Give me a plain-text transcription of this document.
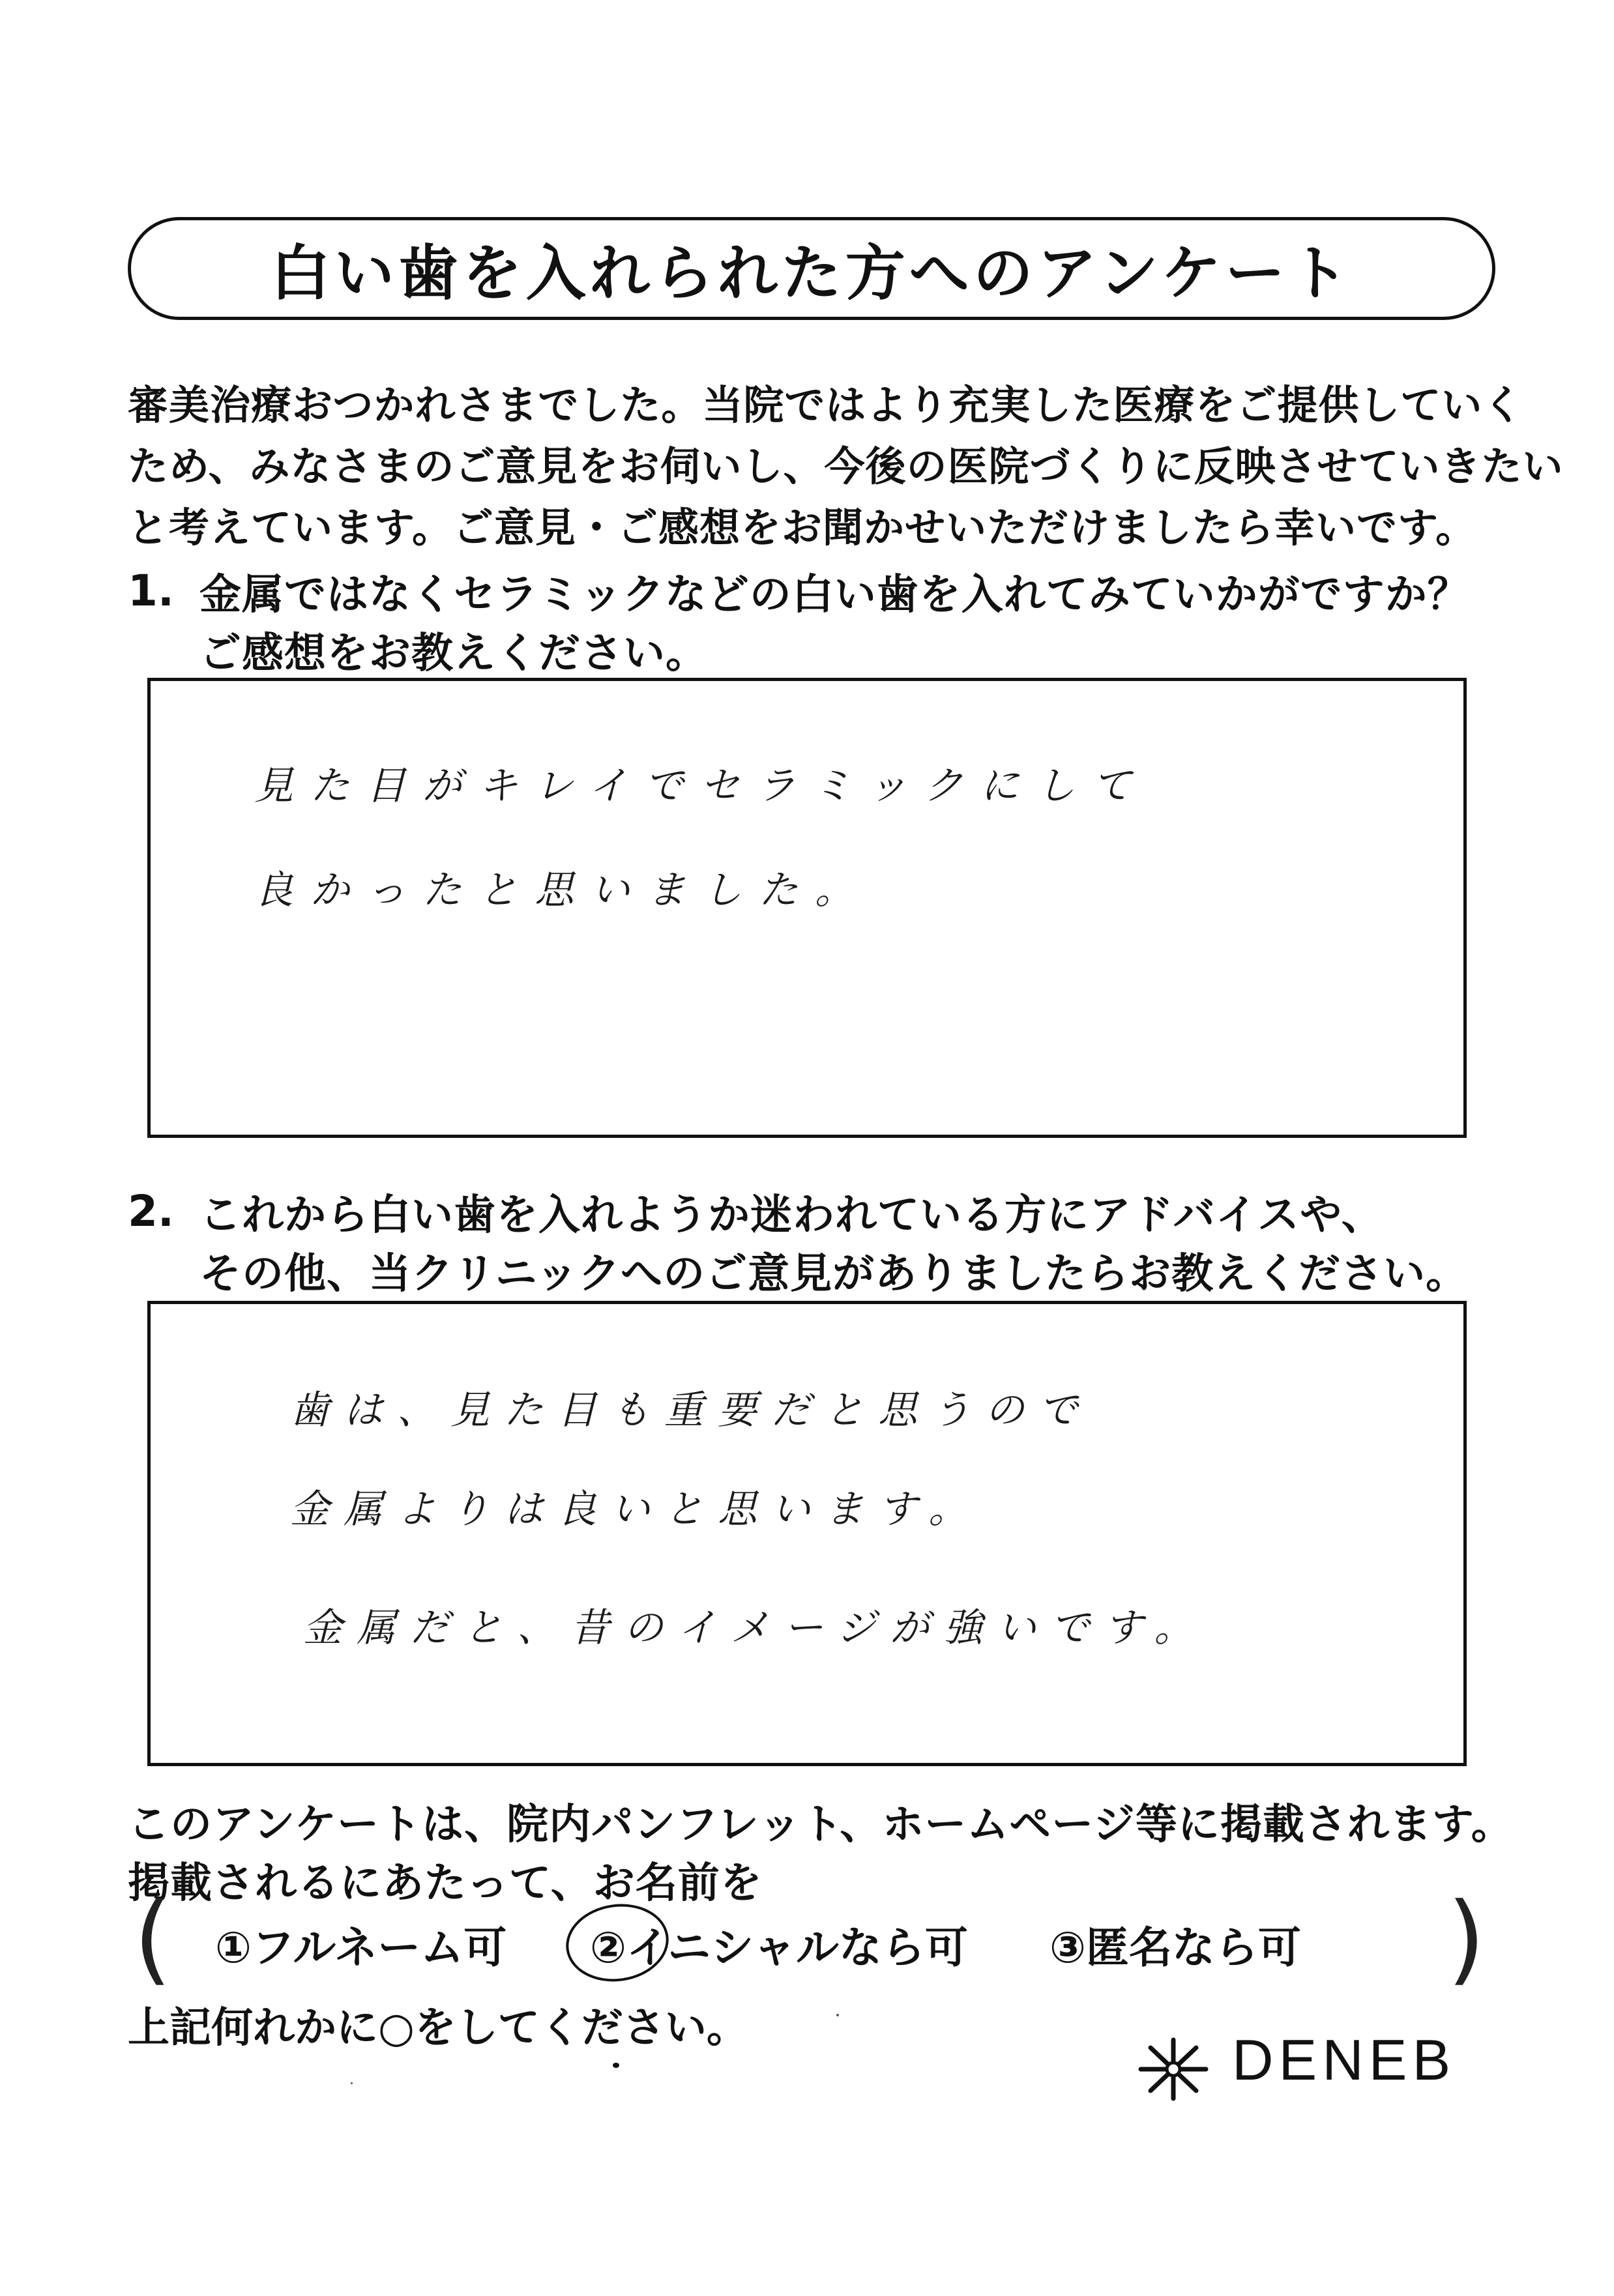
白い歯を入れられた方へのアンケート
審美治療おつかれさまでした。当院ではより充実した医療をご提供していく
ため、みなさまのご意見をお伺いし、今後の医院づくりに反映させていきたい
と考えています。ご意見・ご感想をお聞かせいただけましたら幸いです。
1. 金属ではなくセラミックなどの白い歯を入れてみていかがですか？
ご感想をお教えください。
見た目がキレイでセラミックにして
良かったと思いました。
2. これから白い歯を入れようか迷われている方にアドバイスや、
その他、当クリニックへのご意見がありましたらお教えください。
歯は、見た目も重要だと思うので
金属よりは良いと思います。
金属だと、昔のイメージが強いです。
このアンケートは、院内パンフレット、ホームページ等に掲載されます。
掲載されるにあたって、お名前を
(	)
①フルネーム可 ②イニシャルなら可 ③匿名なら可
上記何れかに○をしてください。	DENEB
